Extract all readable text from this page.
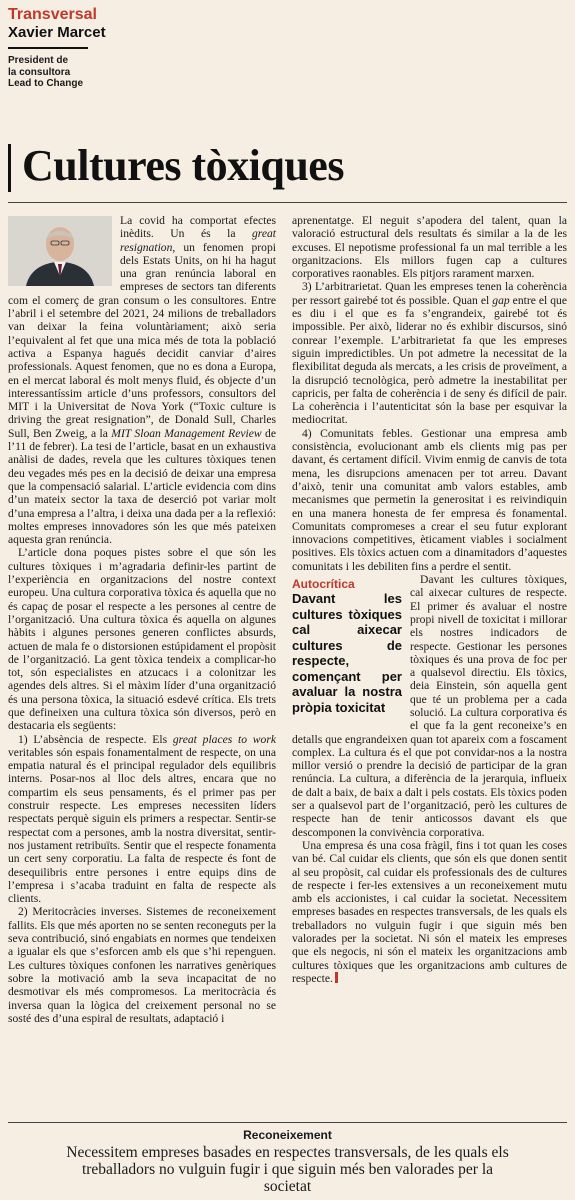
Transversal
Xavier Marcet
President de
la consultora
Lead to Change
Cultures tòxiques

La covid ha comportat efectes inèdits. Un és la great resignation, un fenomen propi dels Estats Units, on hi ha hagut una gran renúncia laboral en empreses de sectors tan diferents com el comerç de gran consum o les consultores. Entre l’abril i el setembre del 2021, 24 milions de treballadors van deixar la feina voluntàriament; això seria l’equivalent al fet que una mica més de tota la població activa a Espanya hagués decidit canviar d’aires professionals. Aquest fenomen, que no es dona a Europa, en el mercat laboral és molt menys fluid, és objecte d’un interessantíssim article d’uns professors, consultors del MIT i la Universitat de Nova York (“Toxic culture is driving the great resignation”, de Donald Sull, Charles Sull, Ben Zweig, a la MIT Sloan Management Review de l’11 de febrer). La tesi de l’article, basat en un exhaustiva anàlisi de dades, revela que les cultures tòxiques tenen deu vegades més pes en la decisió de deixar una empresa que la compensació salarial. L’article evidencia com dins d’un mateix sector la taxa de deserció pot variar molt d’una empresa a l’altra, i deixa una dada per a la reflexió: moltes empreses innovadores són les que més pateixen aquesta gran renúncia.

L’article dona poques pistes sobre el que són les cultures tòxiques i m’agradaria definir-les partint de l’experiència en organitzacions del nostre context europeu. Una cultura corporativa tòxica és aquella que no és capaç de posar el respecte a les persones al centre de l’organització. Una cultura tòxica és aquella on algunes hàbits i algunes persones generen conflictes absurds, actuen de mala fe o distorsionen estúpidament el propòsit de l’organització. La gent tòxica tendeix a complicar-ho tot, són especialistes en atzucacs i a colonitzar les agendes dels altres. Si el màxim líder d’una organització és una persona tòxica, la situació esdevé crítica. Els trets que defineixen una cultura tòxica són diversos, però en destacaria els següents:

1) L’absència de respecte. Els great places to work veritables són espais fonamentalment de respecte, on una empatia natural és el principal regulador dels equilibris interns. Posar-nos al lloc dels altres, encara que no compartim els seus pensaments, és el primer pas per construir respecte. Les empreses necessiten líders respectats perquè siguin els primers a respectar. Sentir-se respectat com a persones, amb la nostra diversitat, sentir-nos justament retribuïts. Sentir que el respecte fonamenta un cert seny corporatiu. La falta de respecte és font de desequilibris entre persones i entre equips dins de l’empresa i s’acaba traduint en falta de respecte als clients.

2) Meritocràcies inverses. Sistemes de reconeixement fallits. Els que més aporten no se senten reconeguts per la seva contribució, sinó engabiats en normes que tendeixen a igualar els que s’esforcen amb els que s’hi repenguen. Les cultures tòxiques confonen les narratives genèriques sobre la motivació amb la seva incapacitat de no desmotivar els més compromesos. La meritocràcia és inversa quan la lògica del creixement personal no se sosté des d’una espiral de resultats, adaptació i

aprenentatge. El neguit s’apodera del talent, quan la valoració estructural dels resultats és similar a la de les excuses. El nepotisme professional fa un mal terrible a les organitzacions. Els millors fugen cap a cultures corporatives raonables. Els pitjors rarament marxen.

3) L’arbitrarietat. Quan les empreses tenen la coherència per ressort gairebé tot és possible. Quan el gap entre el que es diu i el que es fa s’engrandeix, gairebé tot és impossible. Per això, liderar no és exhibir discursos, sinó conrear l’exemple. L’arbitrarietat fa que les empreses siguin impredictibles. Un pot admetre la necessitat de la flexibilitat deguda als mercats, a les crisis de proveïment, a la disrupció tecnològica, però admetre la inestabilitat per capricis, per falta de coherència i de seny és difícil de pair. La coherència i l’autenticitat són la base per esquivar la mediocritat.

4) Comunitats febles. Gestionar una empresa amb consistència, evolucionant amb els clients mig pas per davant, és certament difícil. Vivim enmig de canvis de tota mena, les disrupcions amenacen per tot arreu. Davant d’això, tenir una comunitat amb valors estables, amb mecanismes que permetin la generositat i es reivindiquin en una manera honesta de fer empresa és fonamental. Comunitats compromeses a crear el seu futur explorant innovacions competitives, èticament viables i socialment positives. Els tòxics actuen com a dinamitadors d’aquestes comunitats i les debiliten fins a perdre el sentit.

Autocrítica
Davant les cultures tòxiques cal aixecar cultures de respecte, començant per avaluar la nostra pròpia toxicitat

Davant les cultures tòxiques, cal aixecar cultures de respecte. El primer és avaluar el nostre propi nivell de toxicitat i millorar els nostres indicadors de respecte. Gestionar les persones tòxiques és una prova de foc per a qualsevol directiu. Els tòxics, deia Einstein, són aquella gent que té un problema per a cada solució. La cultura corporativa és el que fa la gent reconeixe’s en detalls que engrandeixen quan tot apareix com a foscament complex. La cultura és el que pot convidar-nos a la nostra millor versió o prendre la decisió de participar de la gran renúncia. La cultura, a diferència de la jerarquia, influeix de dalt a baix, de baix a dalt i pels costats. Els tòxics poden ser a qualsevol part de l’organització, però les cultures de respecte han de tenir anticossos davant els que descomponen la convivència corporativa.

Una empresa és una cosa fràgil, fins i tot quan les coses van bé. Cal cuidar els clients, que són els que donen sentit al seu propòsit, cal cuidar els professionals des de cultures de respecte i fer-les extensives a un reconeixement mutu amb els accionistes, i cal cuidar la societat. Necessitem empreses basades en respectes transversals, de les quals els treballadors no vulguin fugir i que siguin més ben valorades per la societat. Ni són el mateix les empreses que els negocis, ni són el mateix les organitzacions amb cultures tòxiques que les organitzacions amb cultures de respecte.

Reconeixement
Necessitem empreses basades en respectes transversals, de les quals els treballadors no vulguin fugir i que siguin més ben valorades per la societat
